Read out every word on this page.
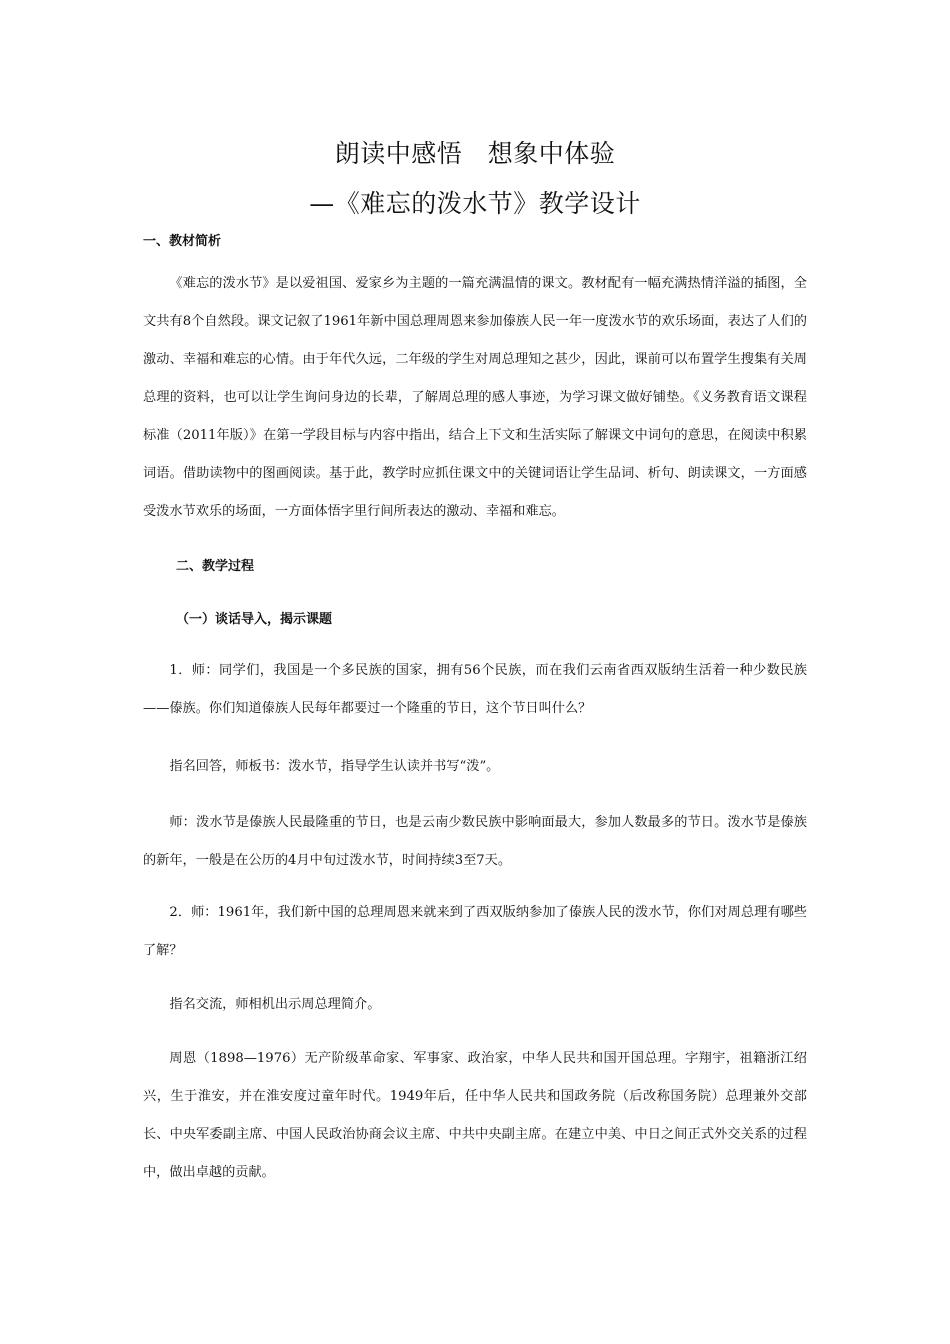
朗读中感悟　想象中体验
—《难忘的泼水节》教学设计
一、教材简析

《难忘的泼水节》是以爱祖国、爱家乡为主题的一篇充满温情的课文。教材配有一幅充满热情洋溢的插图，全文共有8个自然段。课文记叙了1961年新中国总理周恩来参加傣族人民一年一度泼水节的欢乐场面，表达了人们的激动、幸福和难忘的心情。由于年代久远，二年级的学生对周总理知之甚少，因此，课前可以布置学生搜集有关周总理的资料，也可以让学生询问身边的长辈，了解周总理的感人事迹，为学习课文做好铺垫。《义务教育语文课程标准（2011年版）》在第一学段目标与内容中指出，结合上下文和生活实际了解课文中词句的意思，在阅读中积累词语。借助读物中的图画阅读。基于此，教学时应抓住课文中的关键词语让学生品词、析句、朗读课文，一方面感受泼水节欢乐的场面，一方面体悟字里行间所表达的激动、幸福和难忘。

二、教学过程
（一）谈话导入，揭示课题

1．师：同学们，我国是一个多民族的国家，拥有56个民族，而在我们云南省西双版纳生活着一种少数民族——傣族。你们知道傣族人民每年都要过一个隆重的节日，这个节日叫什么？

指名回答，师板书：泼水节，指导学生认读并书写“泼”。

师：泼水节是傣族人民最隆重的节日，也是云南少数民族中影响面最大，参加人数最多的节日。泼水节是傣族的新年，一般是在公历的4月中旬过泼水节，时间持续3至7天。

2．师：1961年，我们新中国的总理周恩来就来到了西双版纳参加了傣族人民的泼水节，你们对周总理有哪些了解？

指名交流，师相机出示周总理简介。

周恩（1898—1976）无产阶级革命家、军事家、政治家，中华人民共和国开国总理。字翔宇，祖籍浙江绍兴，生于淮安，并在淮安度过童年时代。1949年后，任中华人民共和国政务院（后改称国务院）总理兼外交部长、中央军委副主席、中国人民政治协商会议主席、中共中央副主席。在建立中美、中日之间正式外交关系的过程中，做出卓越的贡献。
